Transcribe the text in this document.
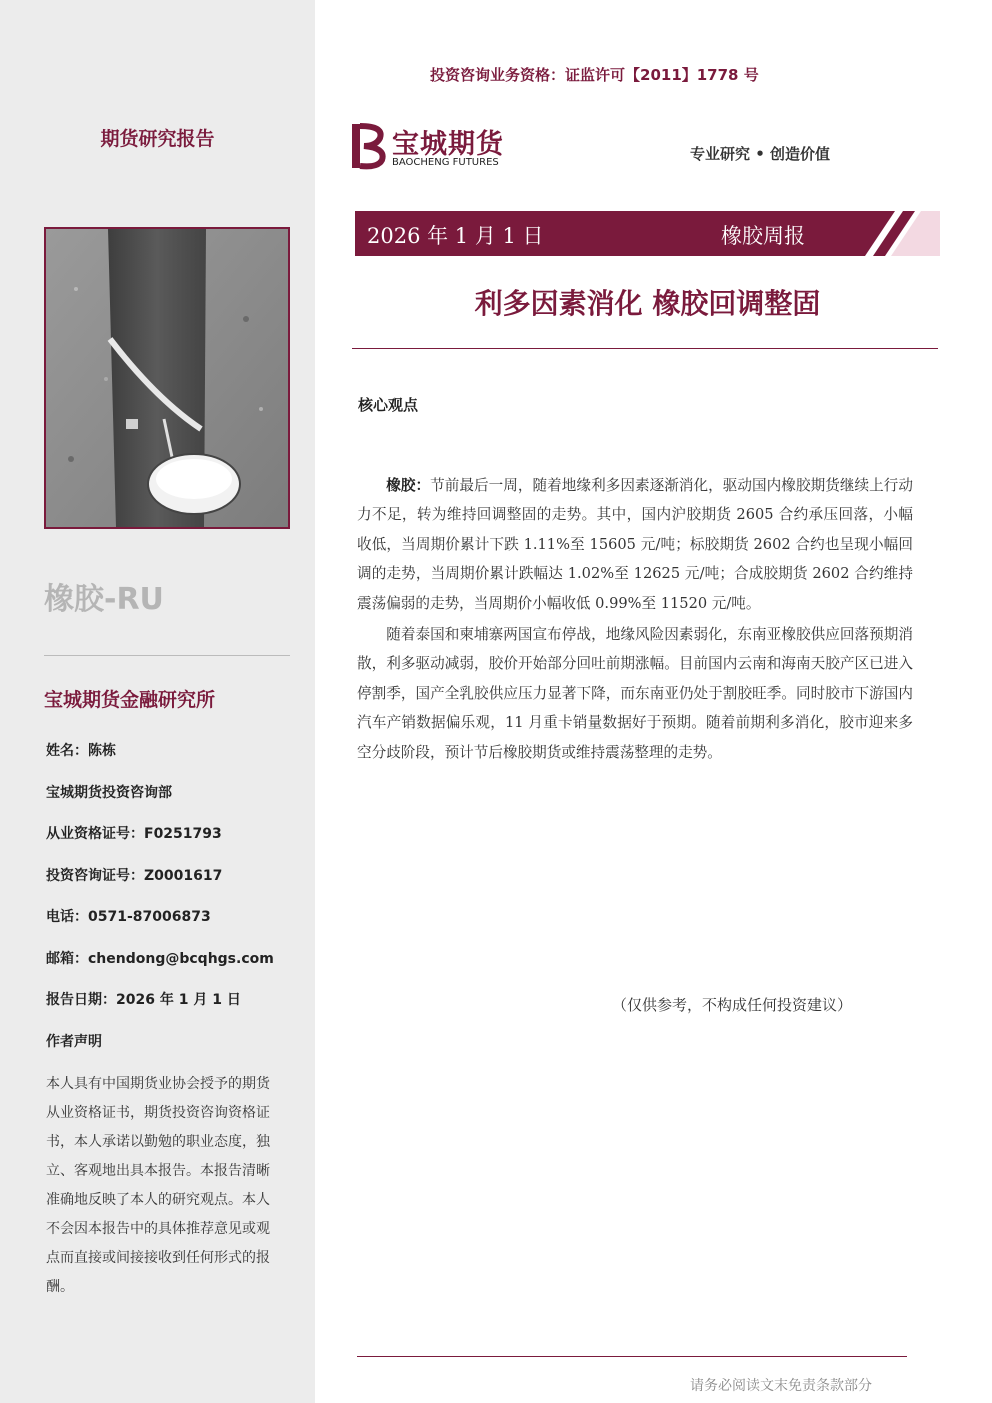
期货研究报告
橡胶-RU
宝城期货金融研究所
姓名：陈栋
宝城期货投资咨询部
从业资格证号：F0251793
投资咨询证号：Z0001617
电话：0571-87006873
邮箱：chendong@bcqhgs.com
报告日期：2026 年 1 月 1 日
作者声明
本人具有中国期货业协会授予的期货从业资格证书，期货投资咨询资格证书，本人承诺以勤勉的职业态度，独立、客观地出具本报告。本报告清晰准确地反映了本人的研究观点。本人不会因本报告中的具体推荐意见或观点而直接或间接接收到任何形式的报酬。
投资咨询业务资格：证监许可【2011】1778 号
宝城期货
BAOCHENG FUTURES	专业研究 • 创造价值
2026 年 1 月 1 日	橡胶周报
利多因素消化 橡胶回调整固
核心观点

橡胶：节前最后一周，随着地缘利多因素逐渐消化，驱动国内橡胶期货继续上行动力不足，转为维持回调整固的走势。其中，国内沪胶期货 2605 合约承压回落，小幅收低，当周期价累计下跌 1.11%至 15605 元/吨；标胶期货 2602 合约也呈现小幅回调的走势，当周期价累计跌幅达 1.02%至 12625 元/吨；合成胶期货 2602 合约维持震荡偏弱的走势，当周期价小幅收低 0.99%至 11520 元/吨。

随着泰国和柬埔寨两国宣布停战，地缘风险因素弱化，东南亚橡胶供应回落预期消散，利多驱动减弱，胶价开始部分回吐前期涨幅。目前国内云南和海南天胶产区已进入停割季，国产全乳胶供应压力显著下降，而东南亚仍处于割胶旺季。同时胶市下游国内汽车产销数据偏乐观，11 月重卡销量数据好于预期。随着前期利多消化，胶市迎来多空分歧阶段，预计节后橡胶期货或维持震荡整理的走势。

（仅供参考，不构成任何投资建议）
请务必阅读文末免责条款部分
